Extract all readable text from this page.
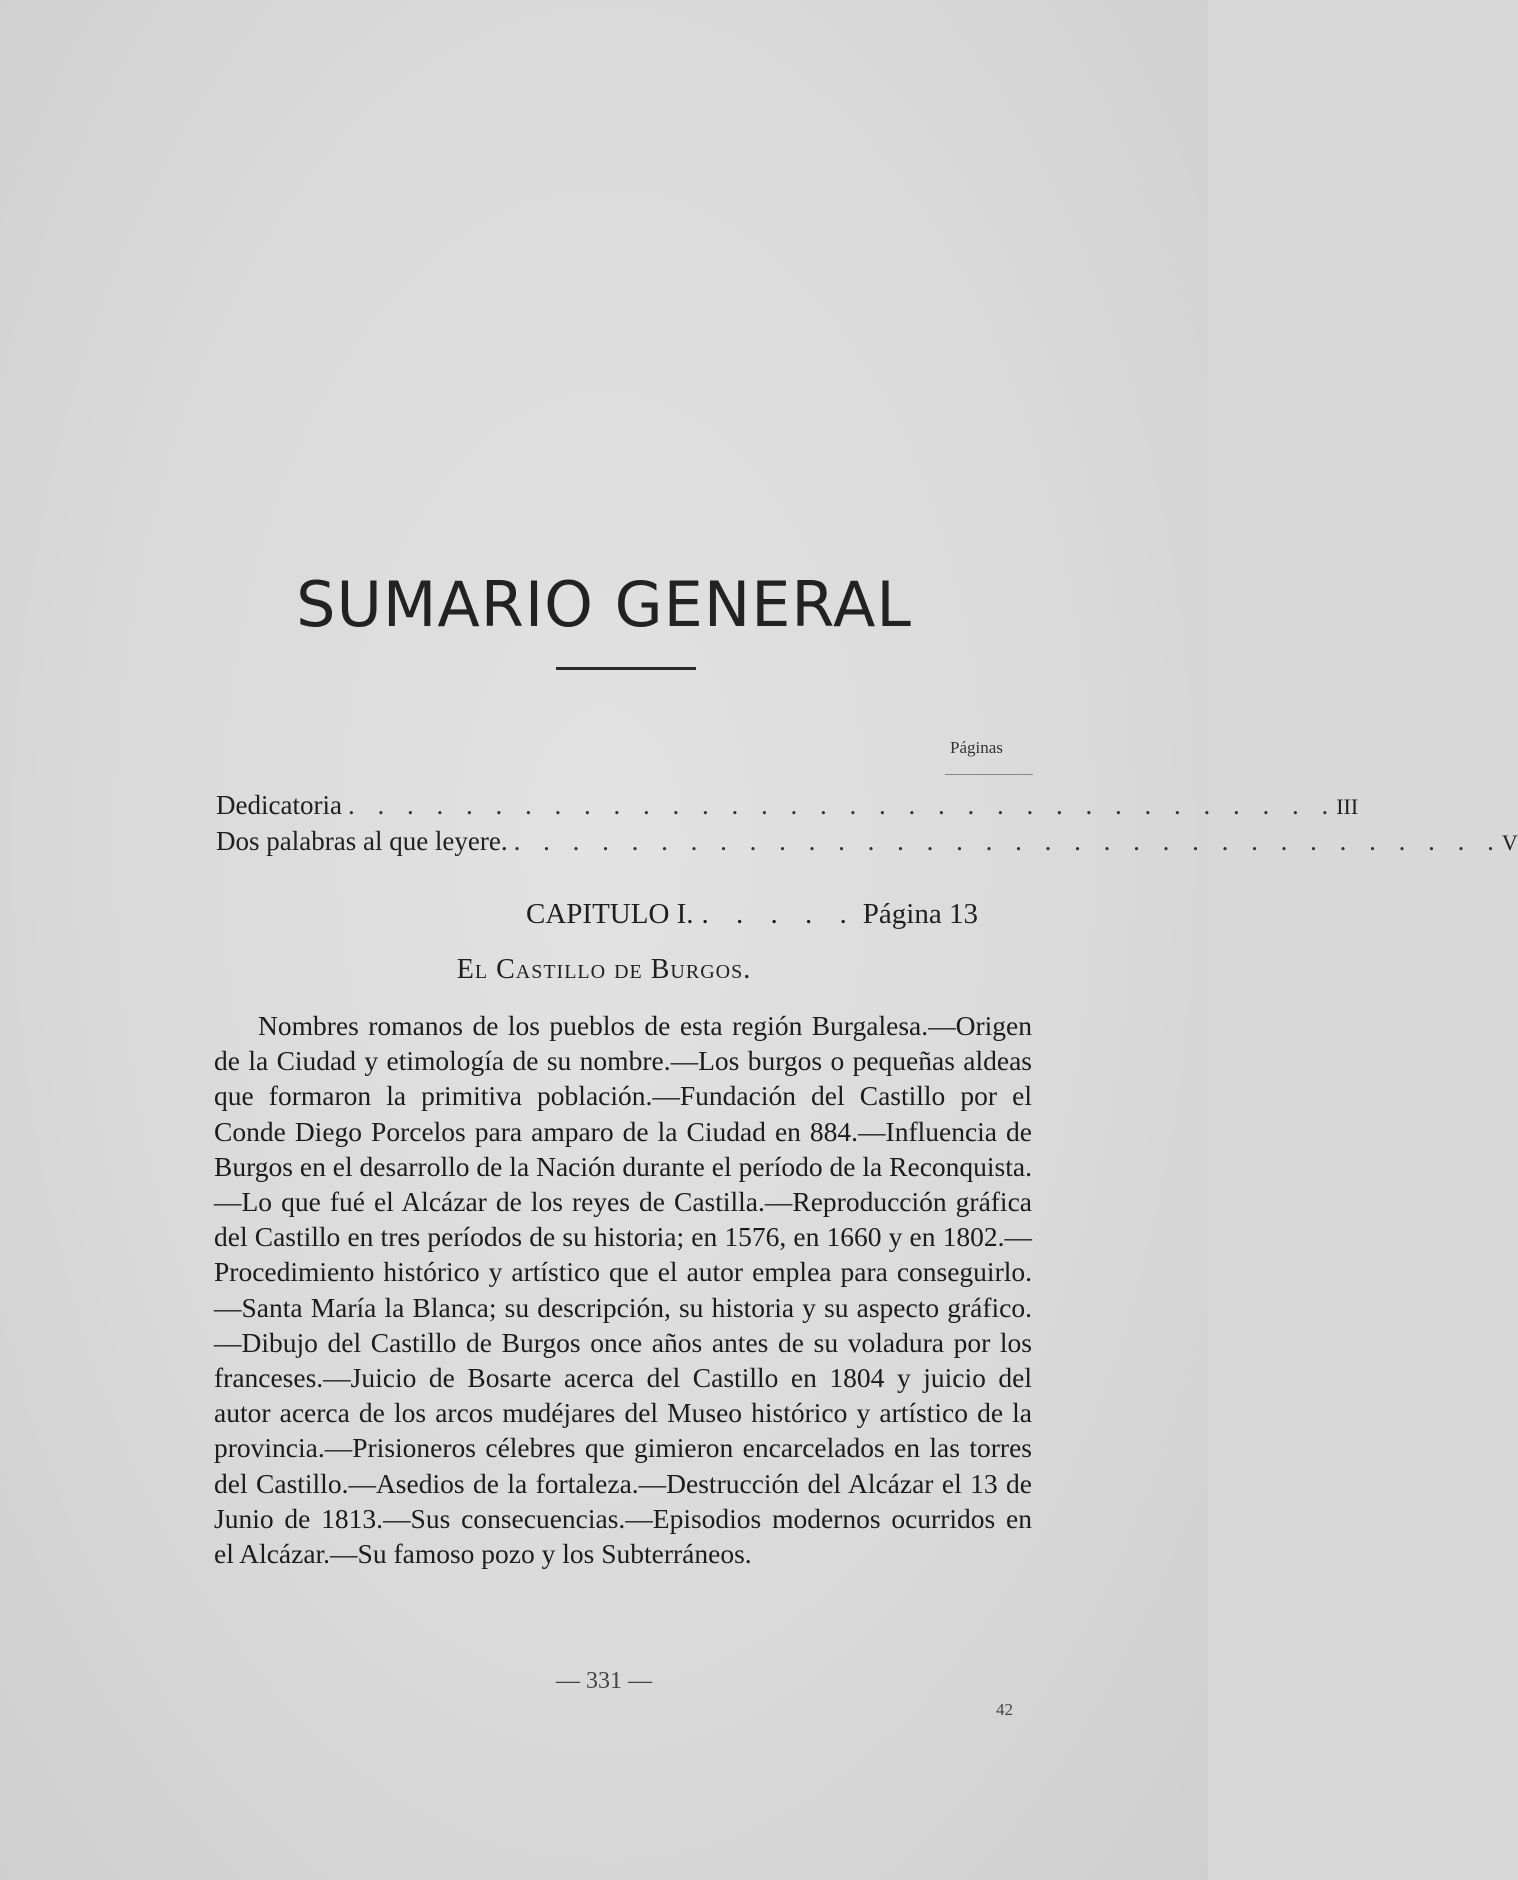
SUMARIO GENERAL
Páginas
Dedicatoria . . . . . . . . . . . . . . . . . . . . . . . . . . . . . . . . . . III
Dos palabras al que leyere. . . . . . . . . . . . . . . . . . . . . . . . . . . . . . . . . . . V
CAPITULO I. . . . . . Página 13
El Castillo de Burgos.
Nombres romanos de los pueblos de esta región Burgalesa.—Origen de la Ciudad y etimología de su nombre.—Los burgos o pequeñas aldeas que formaron la primitiva población.—Fundación del Castillo por el Conde Diego Porcelos para amparo de la Ciudad en 884.—Influencia de Burgos en el desarrollo de la Nación durante el período de la Reconquista.—Lo que fué el Alcázar de los reyes de Castilla.—Reproducción gráfica del Castillo en tres períodos de su historia; en 1576, en 1660 y en 1802.—Procedimiento histórico y artístico que el autor emplea para conseguirlo.—Santa María la Blanca; su descripción, su historia y su aspecto gráfico.—Dibujo del Castillo de Burgos once años antes de su voladura por los franceses.—Juicio de Bosarte acerca del Castillo en 1804 y juicio del autor acerca de los arcos mudéjares del Museo histórico y artístico de la provincia.—Prisioneros célebres que gimieron encarcelados en las torres del Castillo.—Asedios de la fortaleza.—Destrucción del Alcázar el 13 de Junio de 1813.—Sus consecuencias.—Episodios modernos ocurridos en el Alcázar.—Su famoso pozo y los Subterráneos.
— 331 —
42
